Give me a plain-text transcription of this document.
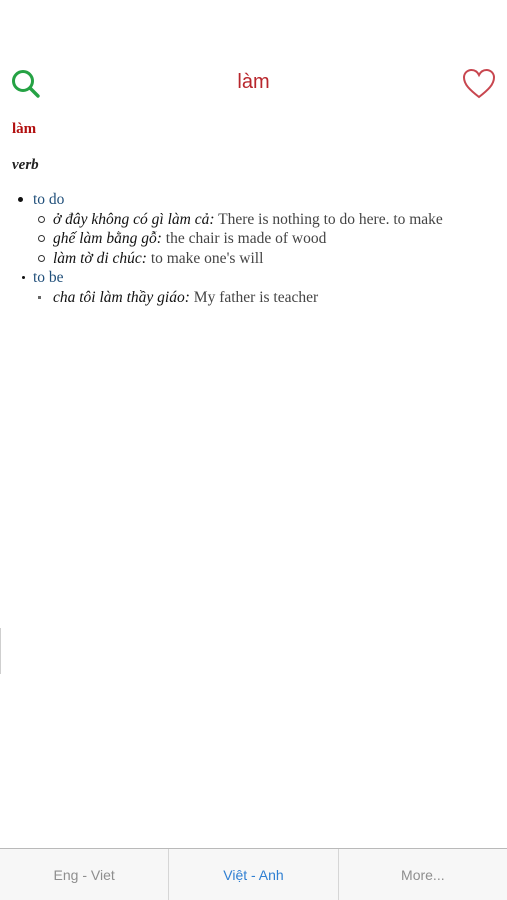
làm
làm
verb
to do
ở đây không có gì làm cả: There is nothing to do here. to make
ghế làm bằng gỗ: the chair is made of wood
làm tờ di chúc: to make one's will
to be
cha tôi làm thầy giáo: My father is teacher
Eng - Viet	Việt - Anh	More...
